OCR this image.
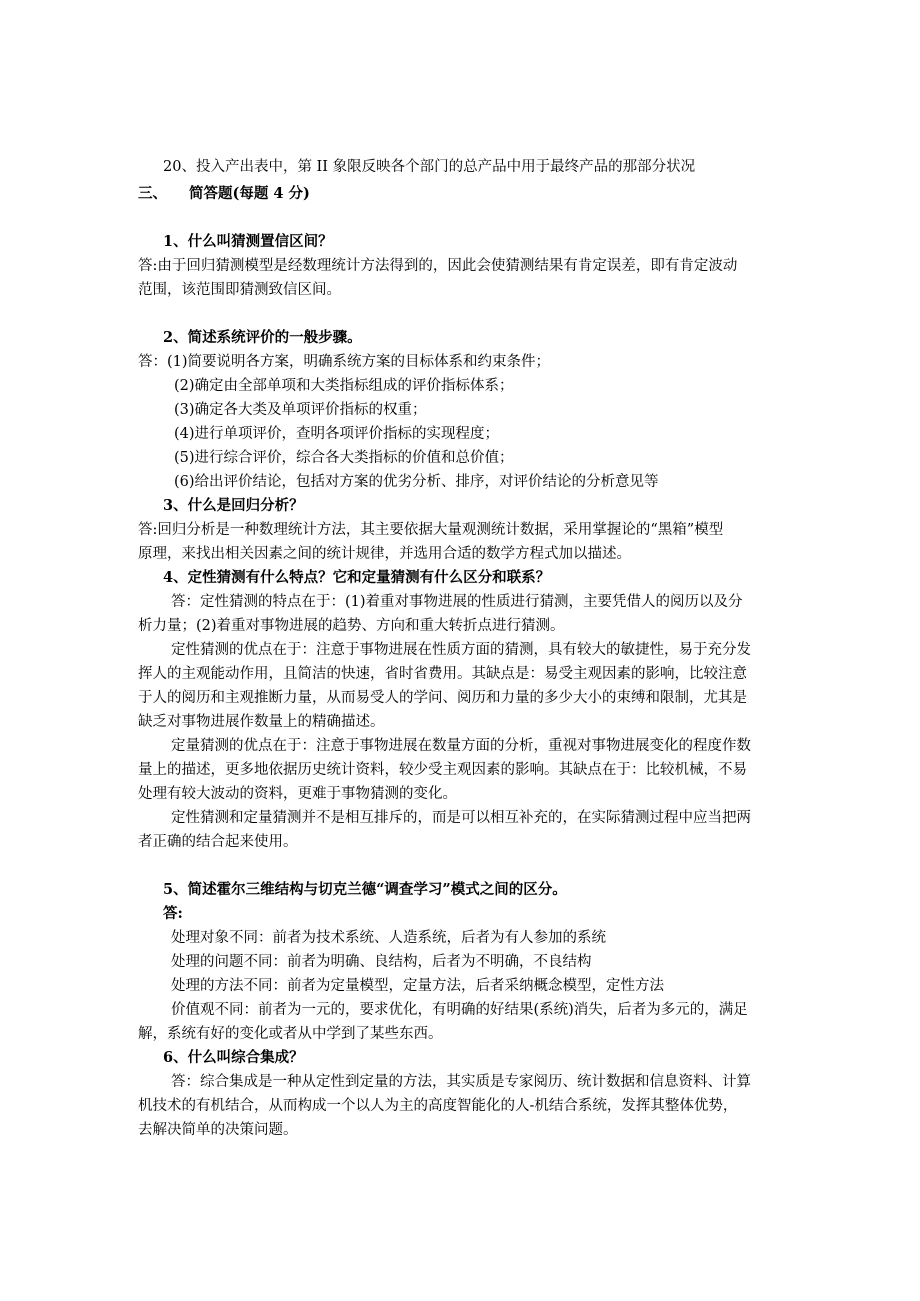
20、投入产出表中，第 II 象限反映各个部门的总产品中用于最终产品的那部分状况
三、 简答题(每题 4 分)
1、什么叫猜测置信区间？
答:由于回归猜测模型是经数理统计方法得到的，因此会使猜测结果有肯定误差，即有肯定波动
范围，该范围即猜测致信区间。
2、简述系统评价的一般步骤。
答：(1)简要说明各方案，明确系统方案的目标体系和约束条件；
(2)确定由全部单项和大类指标组成的评价指标体系；
(3)确定各大类及单项评价指标的权重；
(4)进行单项评价，查明各项评价指标的实现程度；
(5)进行综合评价，综合各大类指标的价值和总价值；
(6)给出评价结论，包括对方案的优劣分析、排序，对评价结论的分析意见等
3、什么是回归分析？
答:回归分析是一种数理统计方法，其主要依据大量观测统计数据，采用掌握论的“黑箱”模型
原理，来找出相关因素之间的统计规律，并选用合适的数学方程式加以描述。
4、定性猜测有什么特点？它和定量猜测有什么区分和联系？
答：定性猜测的特点在于：(1)着重对事物进展的性质进行猜测，主要凭借人的阅历以及分
析力量；(2)着重对事物进展的趋势、方向和重大转折点进行猜测。
定性猜测的优点在于：注意于事物进展在性质方面的猜测，具有较大的敏捷性，易于充分发
挥人的主观能动作用，且简洁的快速，省时省费用。其缺点是：易受主观因素的影响，比较注意
于人的阅历和主观推断力量，从而易受人的学问、阅历和力量的多少大小的束缚和限制，尤其是
缺乏对事物进展作数量上的精确描述。
定量猜测的优点在于：注意于事物进展在数量方面的分析，重视对事物进展变化的程度作数
量上的描述，更多地依据历史统计资料，较少受主观因素的影响。其缺点在于：比较机械，不易
处理有较大波动的资料，更难于事物猜测的变化。
定性猜测和定量猜测并不是相互排斥的，而是可以相互补充的，在实际猜测过程中应当把两
者正确的结合起来使用。
5、简述霍尔三维结构与切克兰德“调查学习”模式之间的区分。
答:
处理对象不同：前者为技术系统、人造系统，后者为有人参加的系统
处理的问题不同：前者为明确、良结构，后者为不明确，不良结构
处理的方法不同：前者为定量模型，定量方法，后者采纳概念模型，定性方法
价值观不同：前者为一元的，要求优化，有明确的好结果(系统)消失，后者为多元的，满足
解，系统有好的变化或者从中学到了某些东西。
6、什么叫综合集成？
答：综合集成是一种从定性到定量的方法，其实质是专家阅历、统计数据和信息资料、计算
机技术的有机结合，从而构成一个以人为主的高度智能化的人-机结合系统，发挥其整体优势，
去解决简单的决策问题。
